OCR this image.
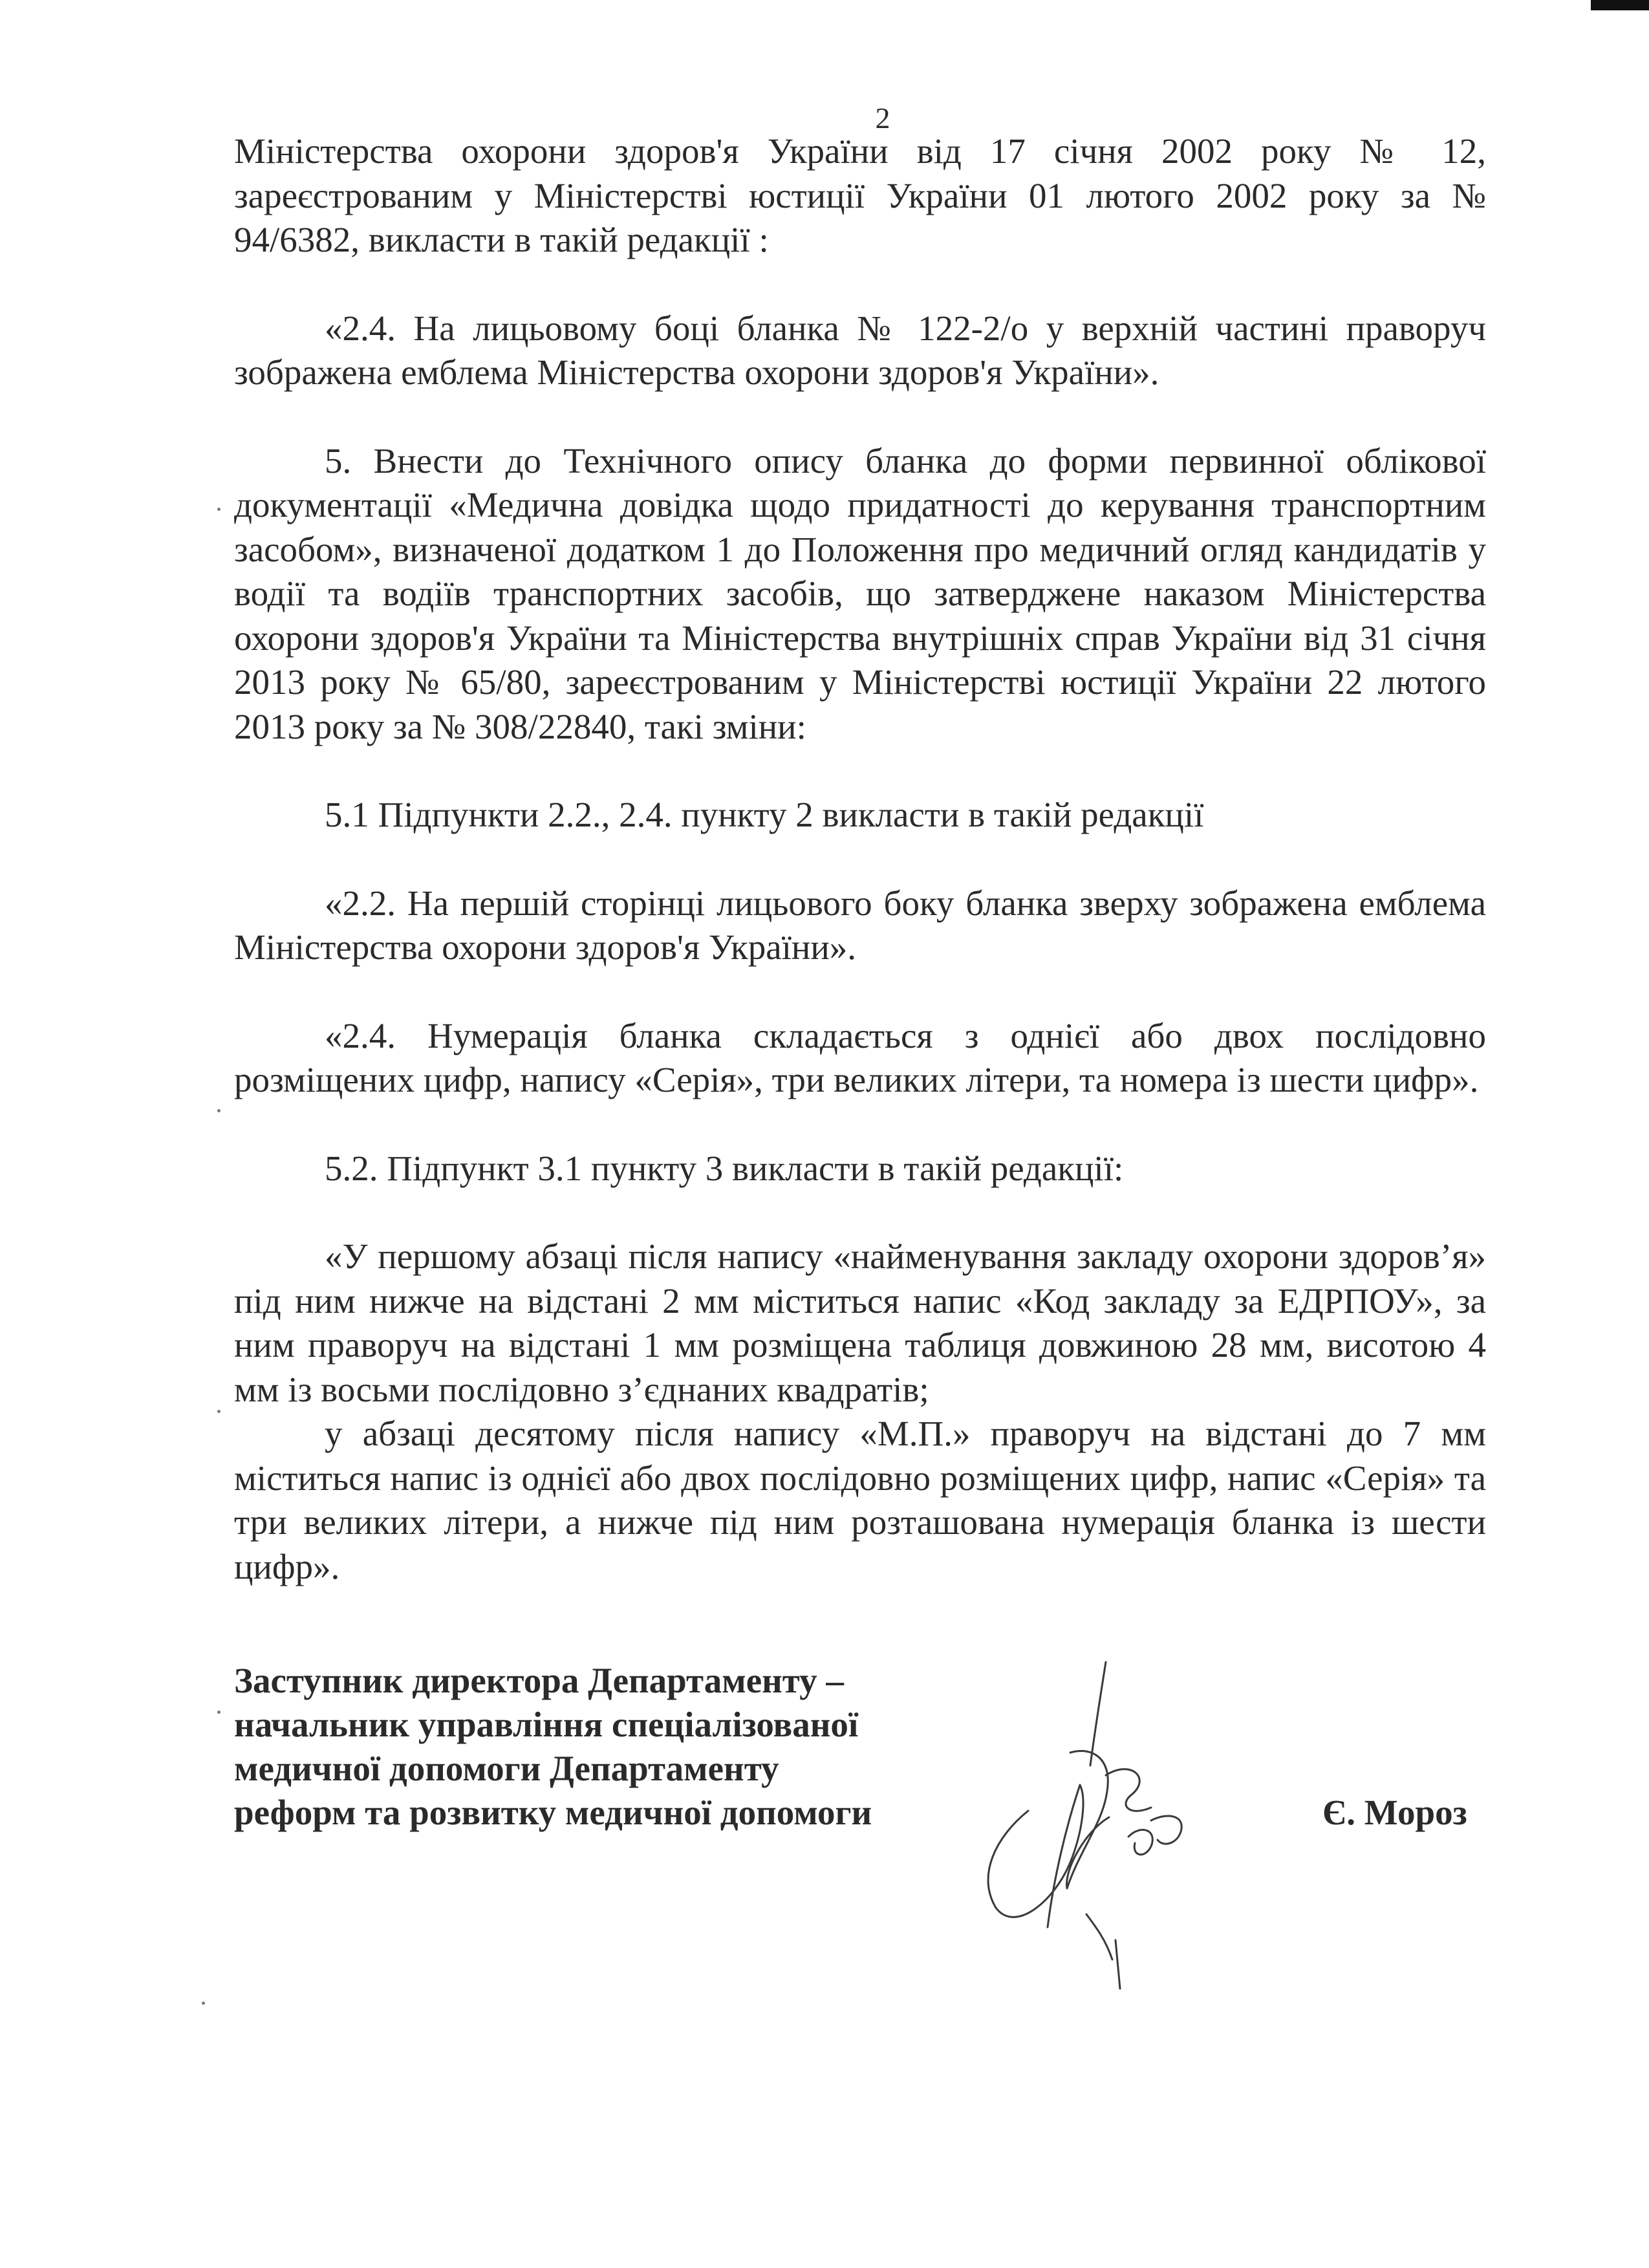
2

Міністерства охорони здоров'я України від 17 січня 2002 року № 12, зареєстрованим у Міністерстві юстиції України 01 лютого 2002 року за № 94/6382, викласти в такій редакції :

«2.4. На лицьовому боці бланка № 122-2/о у верхній частині праворуч зображена емблема Міністерства охорони здоров'я України».

5. Внести до Технічного опису бланка до форми первинної облікової документації «Медична довідка щодо придатності до керування транспортним засобом», визначеної додатком 1 до Положення про медичний огляд кандидатів у водії та водіїв транспортних засобів, що затверджене наказом Міністерства охорони здоров'я України та Міністерства внутрішніх справ України від 31 січня 2013 року № 65/80, зареєстрованим у Міністерстві юстиції України 22 лютого 2013 року за № 308/22840, такі зміни:

5.1 Підпункти 2.2., 2.4. пункту 2 викласти в такій редакції

«2.2. На першій сторінці лицьового боку бланка зверху зображена емблема Міністерства охорони здоров'я України».

«2.4. Нумерація бланка складається з однієї або двох послідовно розміщених цифр, напису «Серія», три великих літери, та номера із шести цифр».

5.2. Підпункт 3.1 пункту 3 викласти в такій редакції:

«У першому абзаці після напису «найменування закладу охорони здоров’я» під ним нижче на відстані 2 мм міститься напис «Код закладу за ЕДРПОУ», за ним праворуч на відстані 1 мм розміщена таблиця довжиною 28 мм, висотою 4 мм із восьми послідовно з’єднаних квадратів;

у абзаці десятому після напису «М.П.» праворуч на відстані до 7 мм міститься напис із однієї або двох послідовно розміщених цифр, напис «Серія» та три великих літери, а нижче під ним розташована нумерація бланка із шести цифр».

Заступник директора Департаменту –
начальник управління спеціалізованої
медичної допомоги Департаменту
реформ та розвитку медичної допомоги	Є. Мороз
